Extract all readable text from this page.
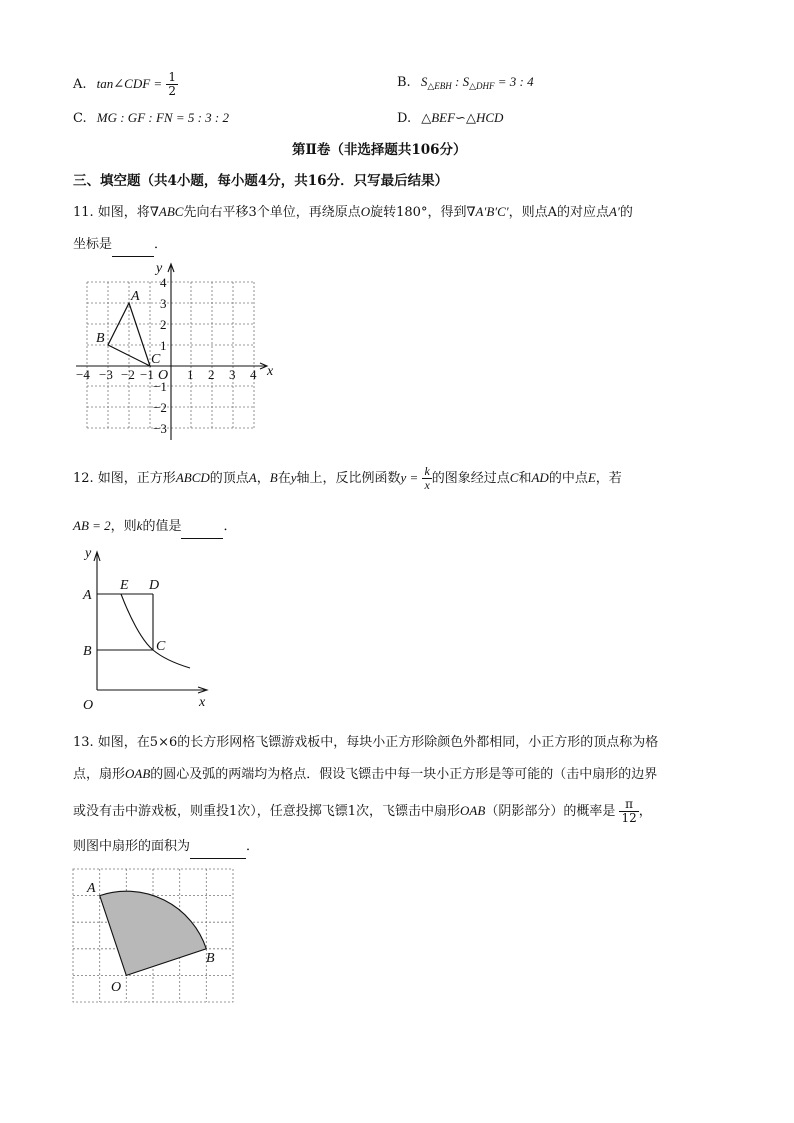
A. tan∠CDF = $\frac{1}{2}$	B. $S_{\triangle EBH}$ : $S_{\triangle DHF} = 3$ : 4
C. MG : GF : FN = 5 : 3 : 2	D. △BEF∽△HCD
第Ⅱ卷（非选择题共106分）
三、填空题（共4小题，每小题4分，共16分．只写最后结果）
11. 如图，将∇ABC先向右平移3个单位，再绕原点O旋转180°，得到∇A′B′C′，则点A的对应点A′的
坐标是	．
−4 −3 −2 −1	1 2 3 4
4
3
2
1
−1
−2
−3
x
y
O
A
B
C
12. 如图，正方形ABCD的顶点A，B在y轴上，反比例函数$y = \frac{k}{x}$ 的图象经过点C和AD的中点E，若
AB = 2，则k的值是	．
y
x
O
A
B	C
D
E
13. 如图，在5×6的长方形网格飞镖游戏板中，每块小正方形除颜色外都相同，小正方形的顶点称为格
点，扇形OAB的圆心及弧的两端均为格点．假设飞镖击中每一块小正方形是等可能的（击中扇形的边界
或没有击中游戏板，则重投1次），任意投掷飞镖1次，飞镖击中扇形OAB（阴影部分）的概率是 $\frac{\pi}{12}$ ，
则图中扇形的面积为	．
A
B
O
